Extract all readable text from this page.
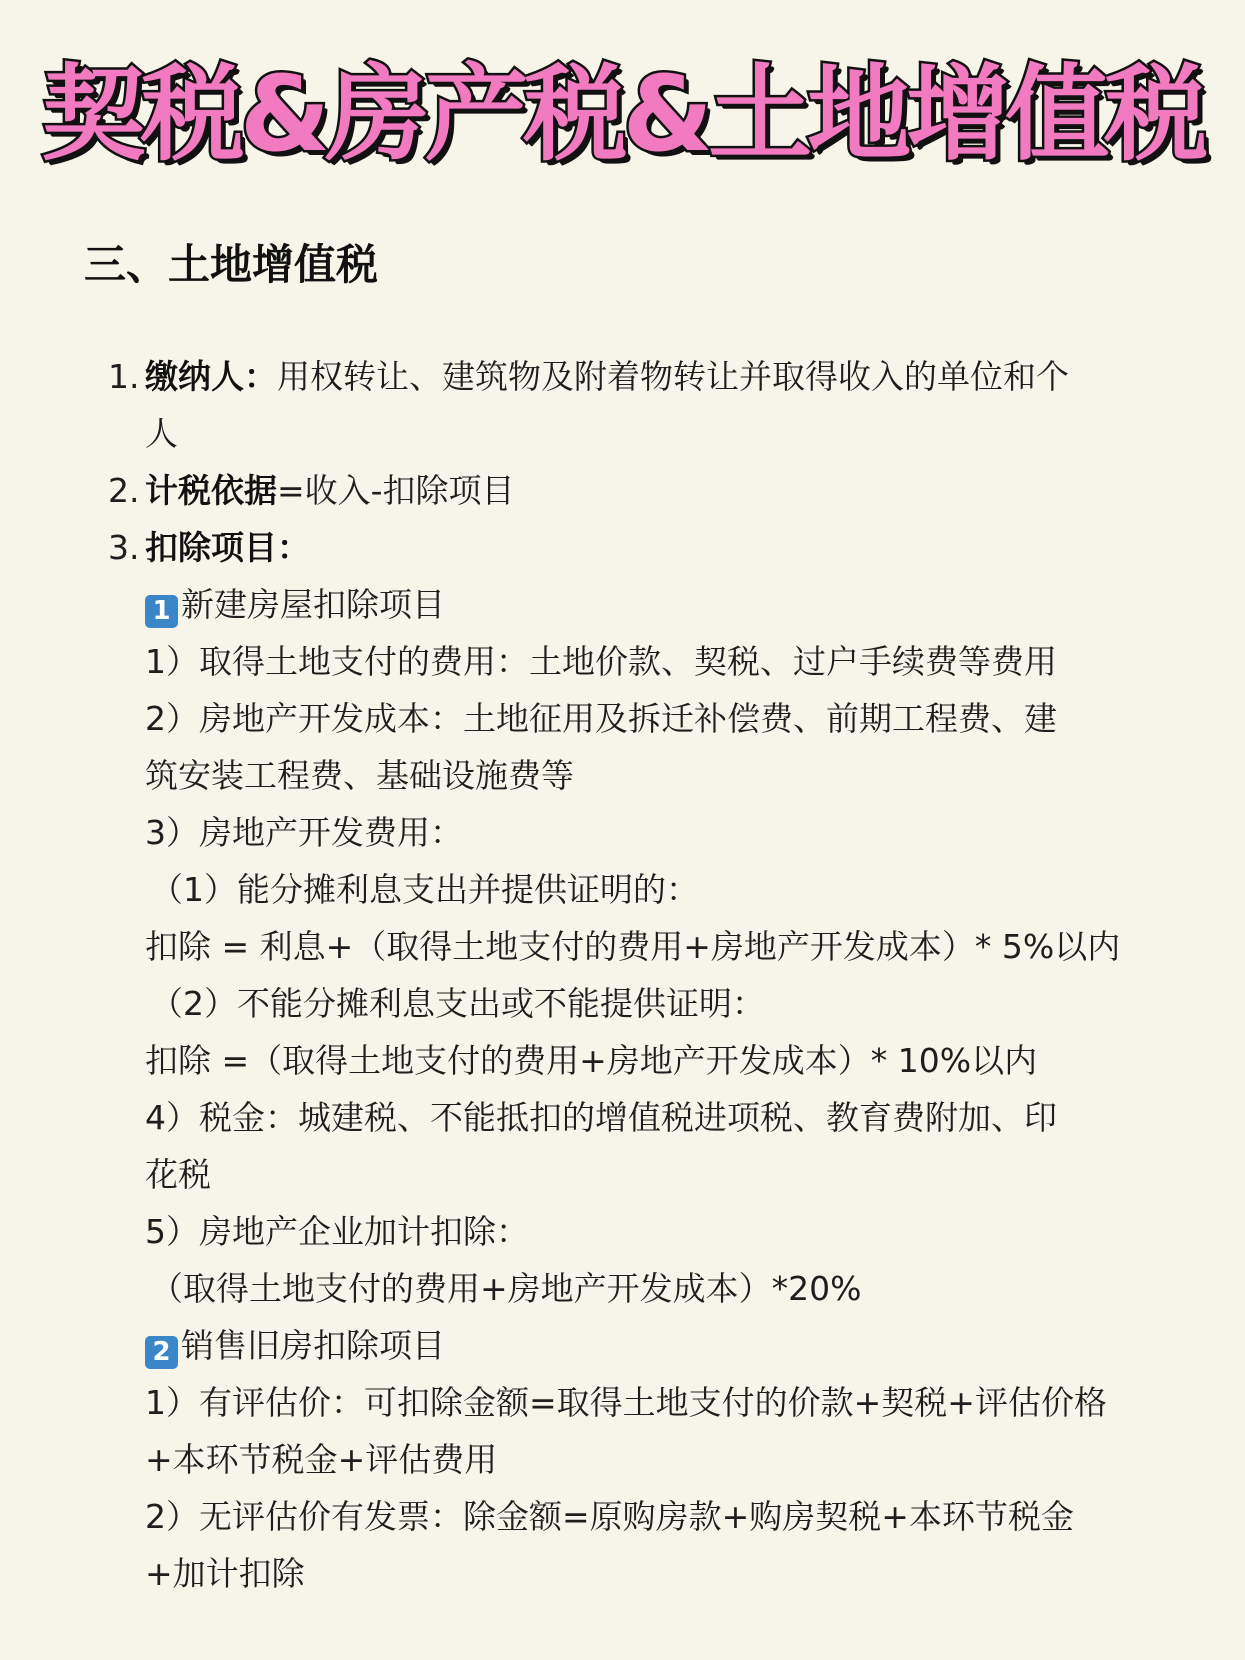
契税&房产税&土地增值税
三、土地增值税
1. 缴纳人：用权转让、建筑物及附着物转让并取得收入的单位和个
人
2. 计税依据=收入-扣除项目
3. 扣除项目：
1 新建房屋扣除项目
1）取得土地支付的费用：土地价款、契税、过户手续费等费用
2）房地产开发成本：土地征用及拆迁补偿费、前期工程费、建
筑安装工程费、基础设施费等
3）房地产开发费用：
（1）能分摊利息支出并提供证明的：
扣除 = 利息+（取得土地支付的费用+房地产开发成本）* 5%以内
（2）不能分摊利息支出或不能提供证明：
扣除 =（取得土地支付的费用+房地产开发成本）* 10%以内
4）税金：城建税、不能抵扣的增值税进项税、教育费附加、印
花税
5）房地产企业加计扣除：
（取得土地支付的费用+房地产开发成本）*20%
2 销售旧房扣除项目
1）有评估价：可扣除金额=取得土地支付的价款+契税+评估价格
+本环节税金+评估费用
2）无评估价有发票：除金额=原购房款+购房契税+本环节税金
+加计扣除
